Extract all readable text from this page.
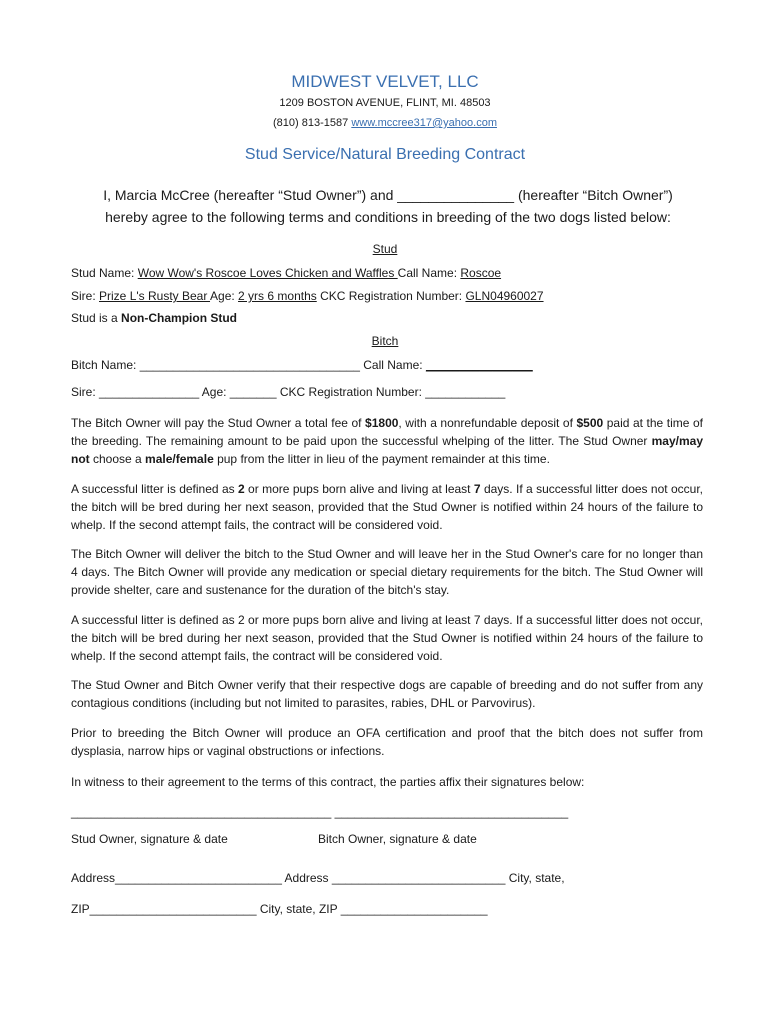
MIDWEST VELVET, LLC
1209 BOSTON AVENUE, FLINT, MI. 48503
(810) 813-1587 www.mccree317@yahoo.com
Stud Service/Natural Breeding Contract
I, Marcia McCree (hereafter “Stud Owner”) and _______________ (hereafter “Bitch Owner”)
hereby agree to the following terms and conditions in breeding of the two dogs listed below:
Stud
Stud Name: Wow Wow's Roscoe Loves Chicken and Waffles Call Name: Roscoe
Sire: Prize L's Rusty Bear Age: 2 yrs 6 months CKC Registration Number: GLN04960027
Stud is a Non-Champion Stud
Bitch
Bitch Name: _________________________________ Call Name: ________________
Sire: _______________ Age: _______ CKC Registration Number: ____________
The Bitch Owner will pay the Stud Owner a total fee of $1800, with a nonrefundable deposit of $500 paid at the time of the breeding. The remaining amount to be paid upon the successful whelping of the litter. The Stud Owner may/may not choose a male/female pup from the litter in lieu of the payment remainder at this time.
A successful litter is defined as 2 or more pups born alive and living at least 7 days. If a successful litter does not occur, the bitch will be bred during her next season, provided that the Stud Owner is notified within 24 hours of the failure to whelp. If the second attempt fails, the contract will be considered void.
The Bitch Owner will deliver the bitch to the Stud Owner and will leave her in the Stud Owner's care for no longer than 4 days. The Bitch Owner will provide any medication or special dietary requirements for the bitch. The Stud Owner will provide shelter, care and sustenance for the duration of the bitch's stay.
A successful litter is defined as 2 or more pups born alive and living at least 7 days. If a successful litter does not occur, the bitch will be bred during her next season, provided that the Stud Owner is notified within 24 hours of the failure to whelp. If the second attempt fails, the contract will be considered void.
The Stud Owner and Bitch Owner verify that their respective dogs are capable of breeding and do not suffer from any contagious conditions (including but not limited to parasites, rabies, DHL or Parvovirus).
Prior to breeding the Bitch Owner will produce an OFA certification and proof that the bitch does not suffer from dysplasia, narrow hips or vaginal obstructions or infections.
In witness to their agreement to the terms of this contract, the parties affix their signatures below:
_______________________________________ ___________________________________
Stud Owner, signature & date	Bitch Owner, signature & date
Address_________________________ Address __________________________ City, state,
ZIP_________________________ City, state, ZIP ______________________
